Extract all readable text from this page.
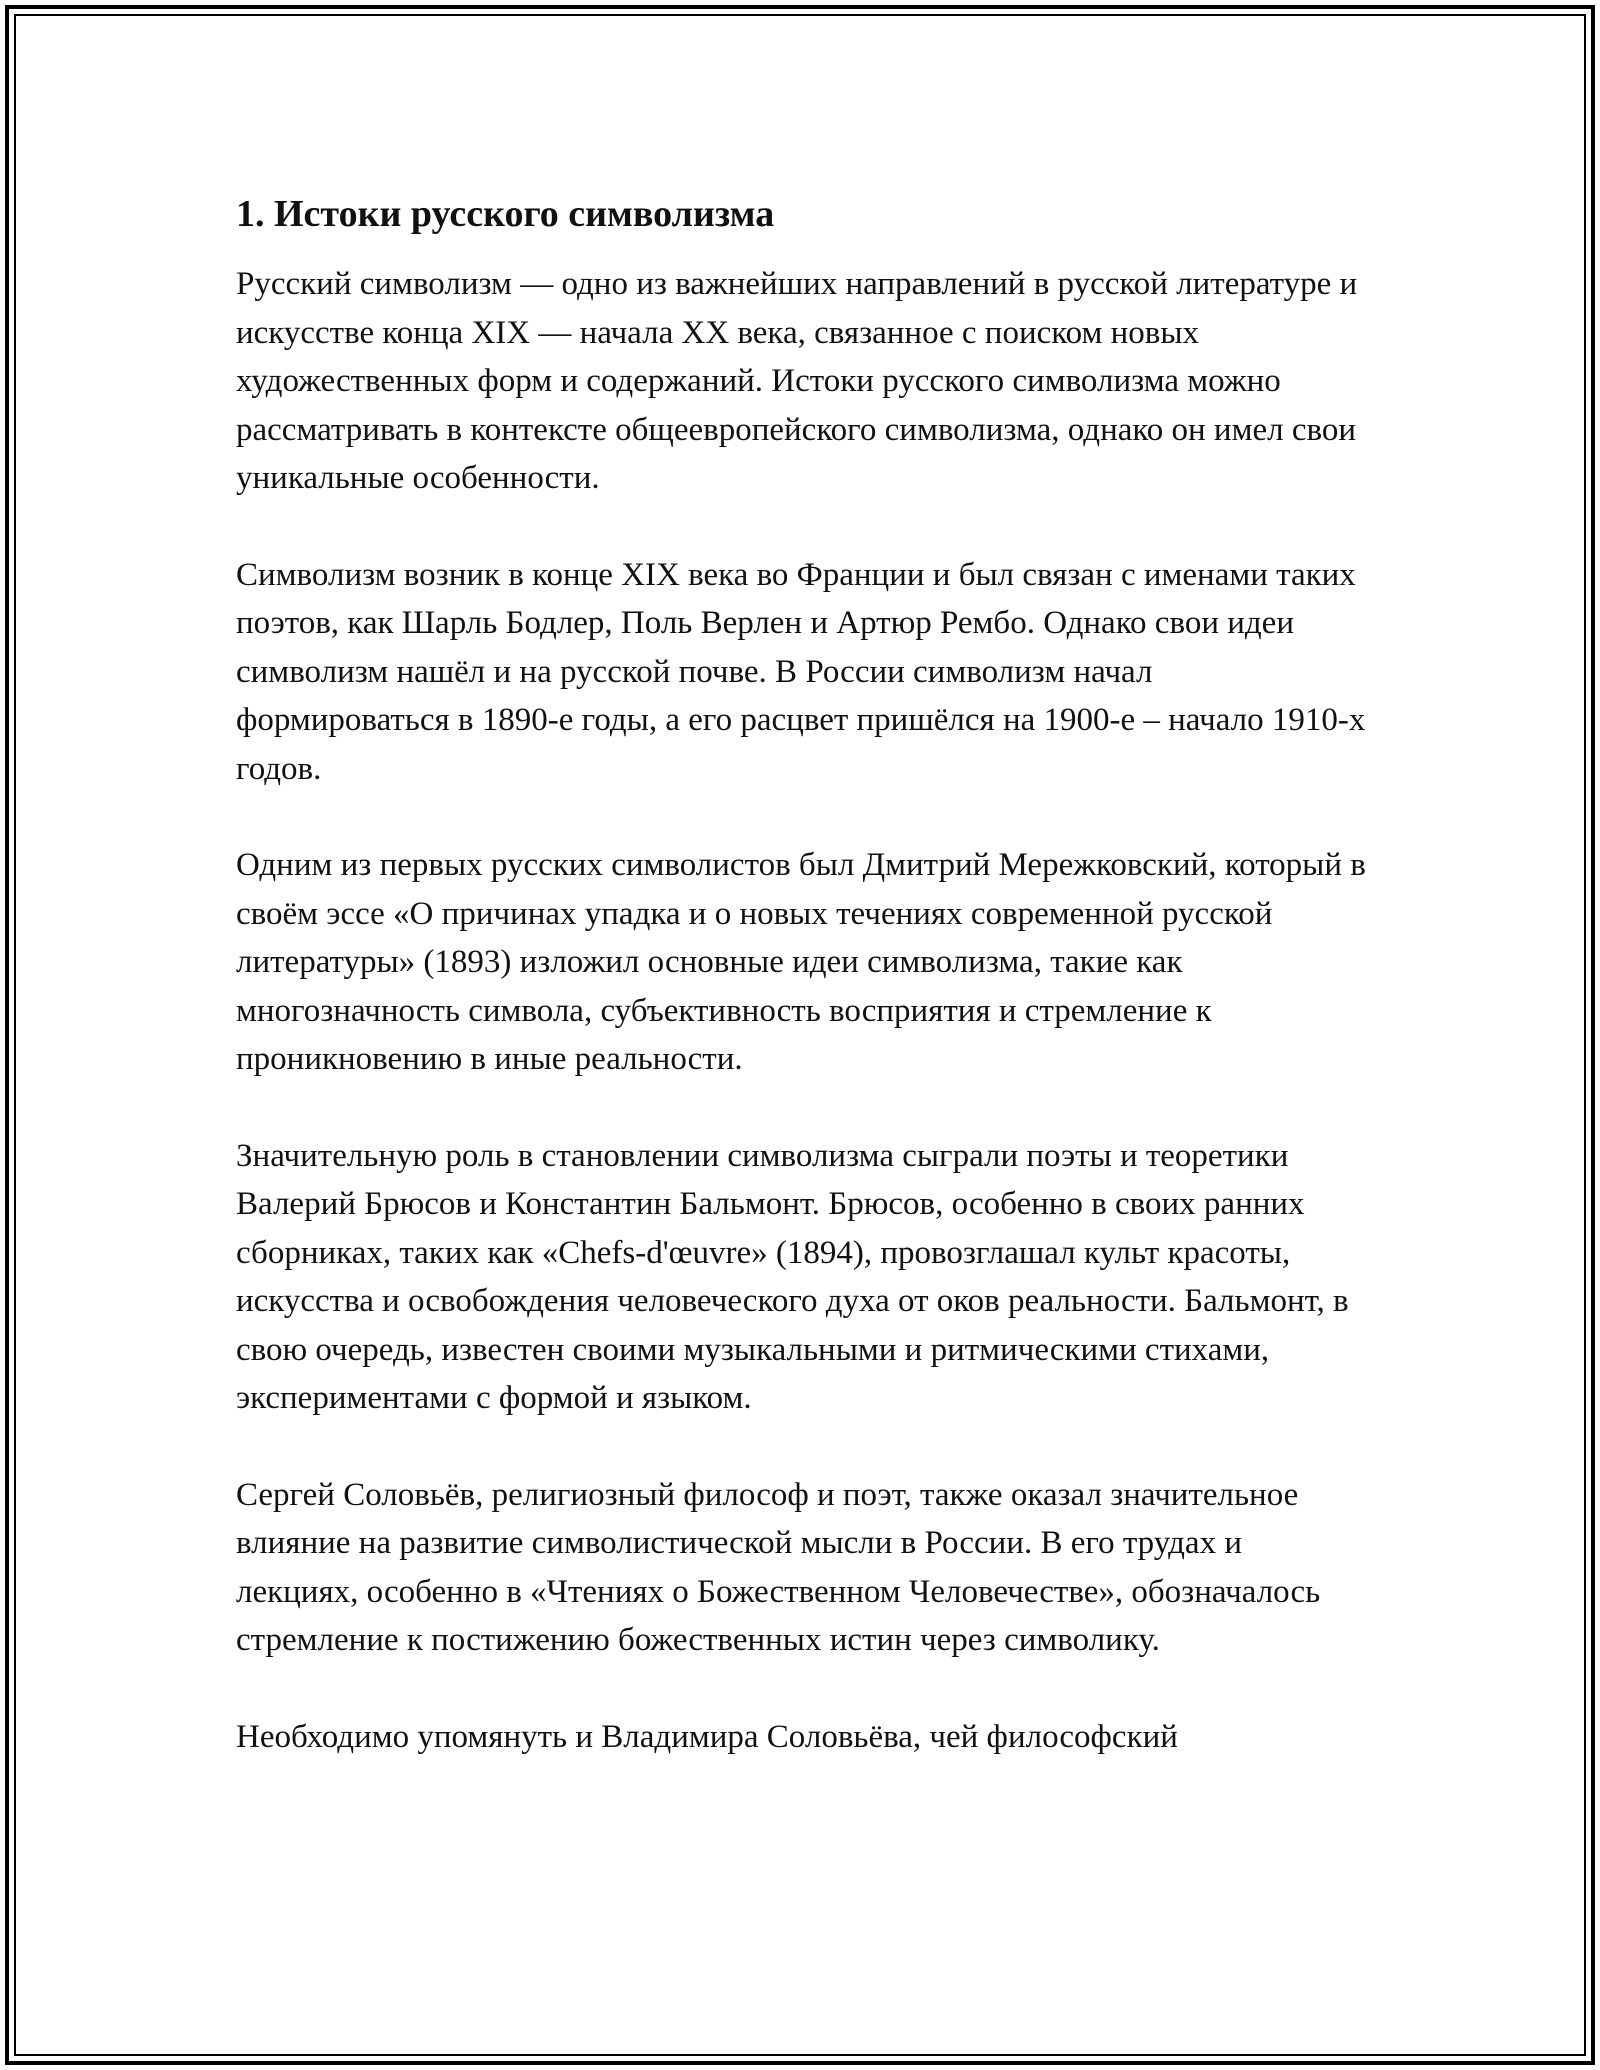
1. Истоки русского символизма

Русский символизм — одно из важнейших направлений в русской литературе и искусстве конца XIX — начала XX века, связанное с поиском новых художественных форм и содержаний. Истоки русского символизма можно рассматривать в контексте общеевропейского символизма, однако он имел свои уникальные особенности.

Символизм возник в конце XIX века во Франции и был связан с именами таких поэтов, как Шарль Бодлер, Поль Верлен и Артюр Рембо. Однако свои идеи символизм нашёл и на русской почве. В России символизм начал формироваться в 1890-е годы, а его расцвет пришёлся на 1900-е – начало 1910-х годов.

Одним из первых русских символистов был Дмитрий Мережковский, который в своём эссе «О причинах упадка и о новых течениях современной русской литературы» (1893) изложил основные идеи символизма, такие как многозначность символа, субъективность восприятия и стремление к проникновению в иные реальности.

Значительную роль в становлении символизма сыграли поэты и теоретики Валерий Брюсов и Константин Бальмонт. Брюсов, особенно в своих ранних сборниках, таких как «Chefs-d'œuvre» (1894), провозглашал культ красоты, искусства и освобождения человеческого духа от оков реальности. Бальмонт, в свою очередь, известен своими музыкальными и ритмическими стихами, экспериментами с формой и языком.

Сергей Соловьёв, религиозный философ и поэт, также оказал значительное влияние на развитие символистической мысли в России. В его трудах и лекциях, особенно в «Чтениях о Божественном Человечестве», обозначалось стремление к постижению божественных истин через символику.

Необходимо упомянуть и Владимира Соловьёва, чей философский
